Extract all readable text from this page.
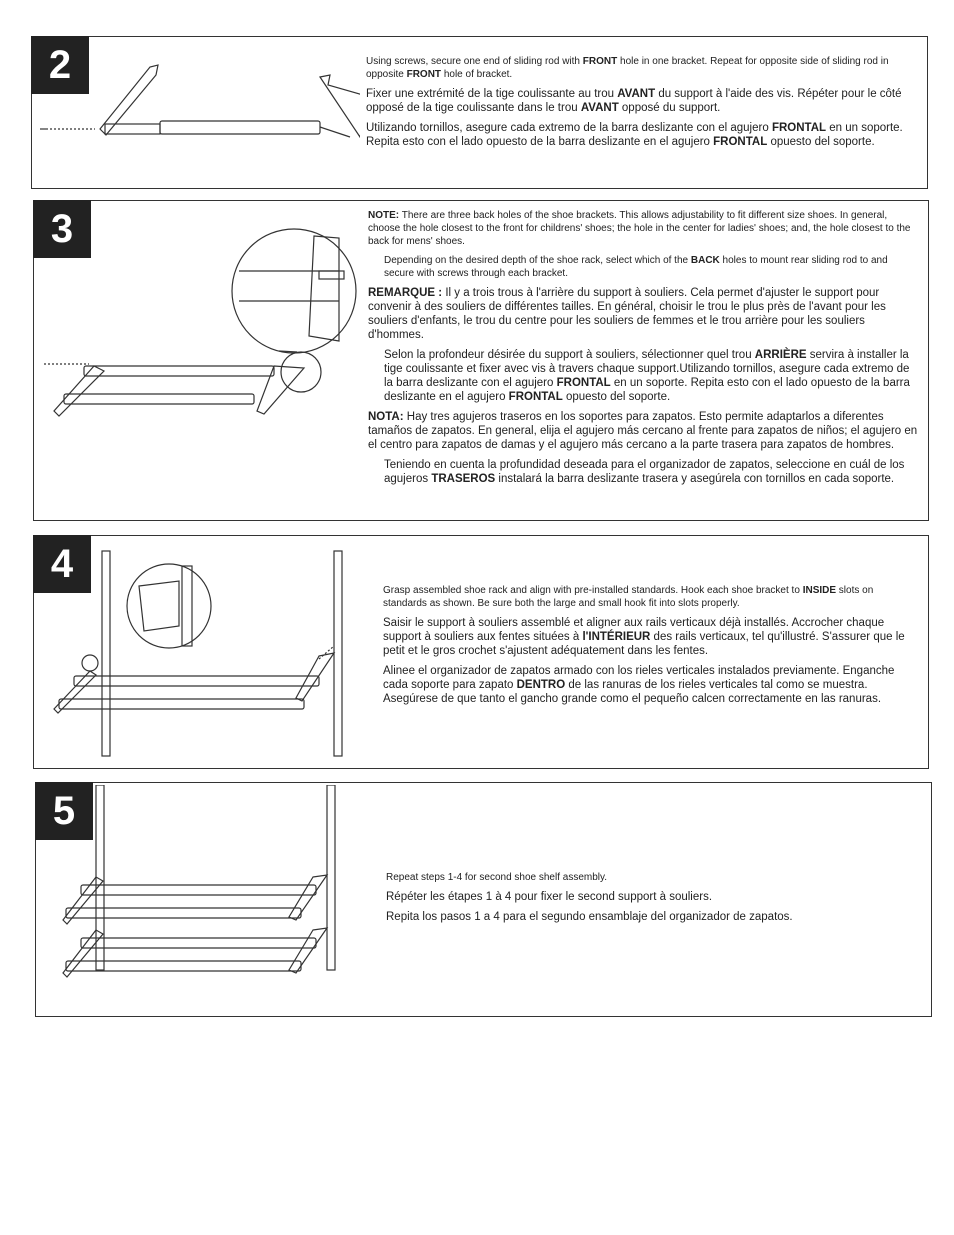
2	Using screws, secure one end of sliding rod with FRONT hole in one bracket. Repeat for opposite side of sliding rod in opposite FRONT hole of bracket.

Fixer une extrémité de la tige coulissante au trou AVANT du support à l'aide des vis. Répéter pour le côté opposé de la tige coulissante dans le trou AVANT opposé du support.

Utilizando tornillos, asegure cada extremo de la barra deslizante con el agujero FRONTAL en un soporte. Repita esto con el lado opuesto de la barra deslizante en el agujero FRONTAL opuesto del soporte.

3	NOTE: There are three back holes of the shoe brackets. This allows adjustability to fit different size shoes. In general, choose the hole closest to the front for childrens' shoes; the hole in the center for ladies' shoes; and, the hole closest to the back for mens' shoes.

Depending on the desired depth of the shoe rack, select which of the BACK holes to mount rear sliding rod to and secure with screws through each bracket.

REMARQUE : Il y a trois trous à l'arrière du support à souliers. Cela permet d'ajuster le support pour convenir à des souliers de différentes tailles. En général, choisir le trou le plus près de l'avant pour les souliers d'enfants, le trou du centre pour les souliers de femmes et le trou arrière pour les souliers d'hommes.

Selon la profondeur désirée du support à souliers, sélectionner quel trou ARRIÈRE servira à installer la tige coulissante et fixer avec vis à travers chaque support.Utilizando tornillos, asegure cada extremo de la barra deslizante con el agujero FRONTAL en un soporte. Repita esto con el lado opuesto de la barra deslizante en el agujero FRONTAL opuesto del soporte.

NOTA: Hay tres agujeros traseros en los soportes para zapatos. Esto permite adaptarlos a diferentes tamaños de zapatos. En general, elija el agujero más cercano al frente para zapatos de niños; el agujero en el centro para zapatos de damas y el agujero más cercano a la parte trasera para zapatos de hombres.

Teniendo en cuenta la profundidad deseada para el organizador de zapatos, seleccione en cuál de los agujeros TRASEROS instalará la barra deslizante trasera y asegúrela con tornillos en cada soporte.

4

Grasp assembled shoe rack and align with pre-installed standards. Hook each shoe bracket to INSIDE slots on standards as shown. Be sure both the large and small hook fit into slots properly.

Saisir le support à souliers assemblé et aligner aux rails verticaux déjà installés. Accrocher chaque support à souliers aux fentes situées à l'INTÉRIEUR des rails verticaux, tel qu'illustré. S'assurer que le petit et le gros crochet s'ajustent adéquatement dans les fentes.

Alinee el organizador de zapatos armado con los rieles verticales instalados previamente. Enganche cada soporte para zapato DENTRO de las ranuras de los rieles verticales tal como se muestra. Asegúrese de que tanto el gancho grande como el pequeño calcen correctamente en las ranuras.

5

Repeat steps 1-4 for second shoe shelf assembly.

Répéter les étapes 1 à 4 pour fixer le second support à souliers.

Repita los pasos 1 a 4 para el segundo ensamblaje del organizador de zapatos.
